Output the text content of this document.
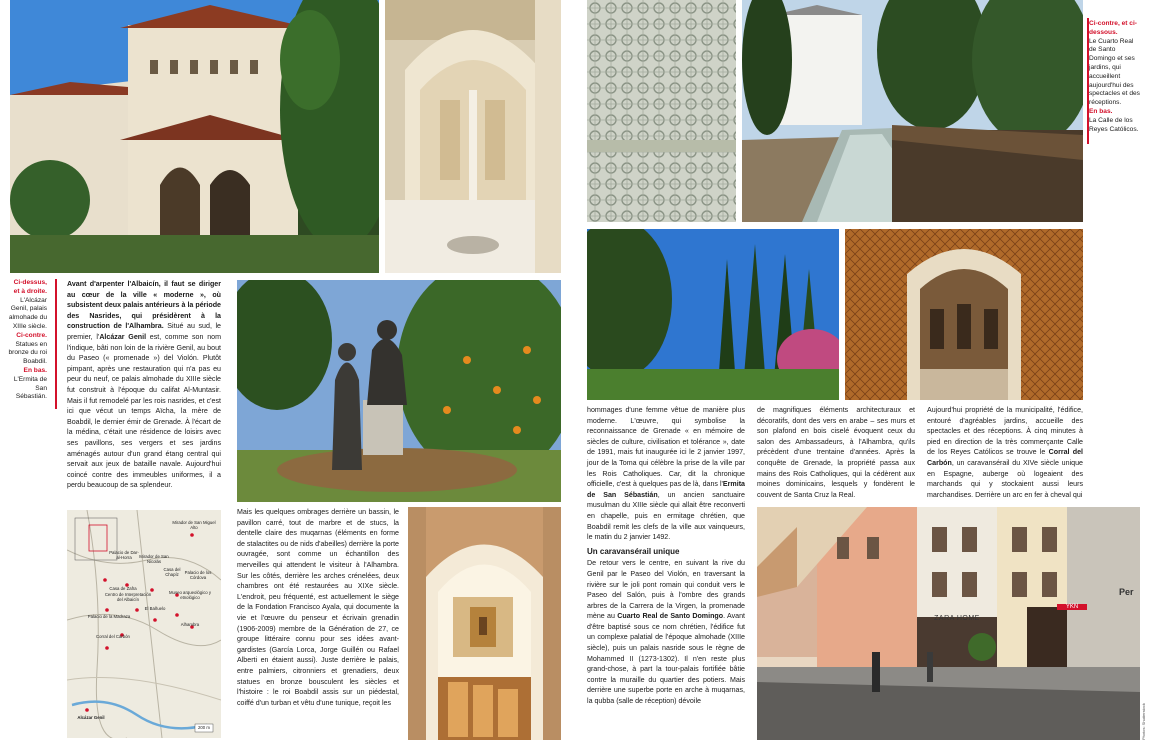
Mirador de San Miguel Alto
Palacio de Dar-al-Horra	Mirador de San Nicolás
Casa del Chapíz	Palacio de los Córdova
Casa de Zafra
Centro de Interpretación del Albaicín
Museo arqueológico y etnológico
El Bañuelo
Palacio de la Madraza
Alhambra
Corral del Carbón
Alcázar Genil
200 m
ZARA HOME
YKN
Per
Photos: Shutterstock
Ci-dessus, et à droite.
L'Alcázar Genil, palais almohade du XIIIe siècle.
Ci-contre.
Statues en bronze du roi Boabdil.
En bas.
L'Ermita de San Sébastián.
Ci-contre, et ci-dessous.
Le Cuarto Real de Santo Domingo et ses jardins, qui accueillent aujourd'hui des spectacles et des réceptions.
En bas.
La Calle de los Reyes Católicos.
Avant d'arpenter l'Albaicín, il faut se diriger au cœur de la ville « moderne », où subsistent deux palais antérieurs à la période des Nasrides, qui présidèrent à la construction de l'Alhambra. Situé au sud, le premier, l'Alcázar Genil est, comme son nom l'indique, bâti non loin de la rivière Genil, au bout du Paseo (« promenade ») del Violón. Plutôt pimpant, après une restauration qui n'a pas eu peur du neuf, ce palais almohade du XIIIe siècle fut construit à l'époque du califat Al-Muntasir. Mais il fut remodelé par les rois nasrides, et c'est ici que vécut un temps Aïcha, la mère de Boabdil, le dernier émir de Grenade. À l'écart de la médina, c'était une résidence de loisirs avec ses pavillons, ses vergers et ses jardins aménagés autour d'un grand étang central qui servait aux jeux de bataille navale. Aujourd'hui coincé contre des immeubles uniformes, il a perdu beaucoup de sa splendeur.
Mais les quelques ombrages derrière un bassin, le pavillon carré, tout de marbre et de stucs, la dentelle claire des muqarnas (éléments en forme de stalactites ou de nids d'abeilles) derrière la porte ouvragée, sont comme un échantillon des merveilles qui attendent le visiteur à l'Alhambra. Sur les côtés, derrière les arches crénelées, deux chambres ont été restaurées au XIXe siècle. L'endroit, peu fréquenté, est actuellement le siège de la Fondation Francisco Ayala, qui documente la vie et l'œuvre du penseur et écrivain grenadin (1906-2009) membre de la Génération de 27, ce groupe littéraire connu pour ses idées avant-gardistes (García Lorca, Jorge Guillén ou Rafael Alberti en étaient aussi). Juste derrière le palais, entre palmiers, citronniers et grenadiers, deux statues en bronze bousculent les siècles et l'histoire : le roi Boabdil assis sur un piédestal, coiffé d'un turban et vêtu d'une tunique, reçoit les
hommages d'une femme vêtue de manière plus moderne. L'œuvre, qui symbolise la reconnaissance de Grenade « en mémoire de siècles de culture, civilisation et tolérance », date de 1991, mais fut inaugurée ici le 2 janvier 1997, jour de la Toma qui célèbre la prise de la ville par les Rois Catholiques. Car, dit la chronique officielle, c'est à quelques pas de là, dans l'Ermita de San Sébastián, un ancien sanctuaire musulman du XIIIe siècle qui allait être reconverti en chapelle, puis en ermitage chrétien, que Boabdil remit les clefs de la ville aux vainqueurs, le matin du 2 janvier 1492.
Un caravansérail unique
De retour vers le centre, en suivant la rive du Genil par le Paseo del Violón, en traversant la rivière sur le joli pont romain qui conduit vers le Paseo del Salón, puis à l'ombre des grands arbres de la Carrera de la Virgen, la promenade mène au Cuarto Real de Santo Domingo. Avant d'être baptisé sous ce nom chrétien, l'édifice fut un complexe palatial de l'époque almohade (XIIIe siècle), puis un palais nasride sous le règne de Mohammed II (1273-1302). Il n'en reste plus grand-chose, à part la tour-palais fortifiée bâtie contre la muraille du quartier des potiers. Mais derrière une superbe porte en arche à muqarnas, la qubba (salle de réception) dévoile
de magnifiques éléments architecturaux et décoratifs, dont des vers en arabe – ses murs et son plafond en bois ciselé évoquent ceux du salon des Ambassadeurs, à l'Alhambra, qu'ils précèdent d'une trentaine d'années. Après la conquête de Grenade, la propriété passa aux mains des Rois Catholiques, qui la cédèrent aux moines dominicains, lesquels y fondèrent le couvent de Santa Cruz la Real.
Aujourd'hui propriété de la municipalité, l'édifice, entouré d'agréables jardins, accueille des spectacles et des réceptions. À cinq minutes à pied en direction de la très commerçante Calle de los Reyes Católicos se trouve le Corral del Carbón, un caravansérail du XIVe siècle unique en Espagne, auberge où logeaient des marchands qui y stockaient aussi leurs marchandises. Derrière un arc en fer à cheval qui
